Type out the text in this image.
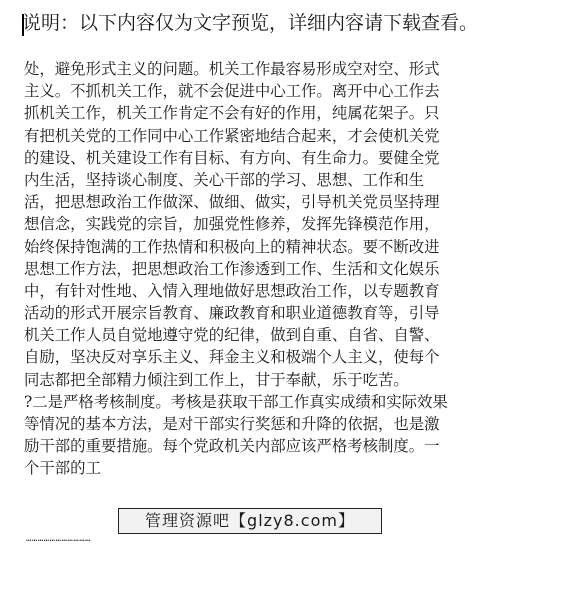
说明：以下内容仅为文字预览，详细内容请下载查看。
处，避免形式主义的问题。机关工作最容易形成空对空、形式
主义。不抓机关工作，就不会促进中心工作。离开中心工作去
抓机关工作，机关工作肯定不会有好的作用，纯属花架子。只
有把机关党的工作同中心工作紧密地结合起来，才会使机关党
的建设、机关建设工作有目标、有方向、有生命力。要健全党
内生活，坚持谈心制度、关心干部的学习、思想、工作和生
活，把思想政治工作做深、做细、做实，引导机关党员坚持理
想信念，实践党的宗旨，加强党性修养，发挥先锋模范作用，
始终保持饱满的工作热情和积极向上的精神状态。要不断改进
思想工作方法，把思想政治工作渗透到工作、生活和文化娱乐
中，有针对性地、入情入理地做好思想政治工作，以专题教育
活动的形式开展宗旨教育、廉政教育和职业道德教育等，引导
机关工作人员自觉地遵守党的纪律，做到自重、自省、自警、
自励，坚决反对享乐主义、拜金主义和极端个人主义，使每个
同志都把全部精力倾注到工作上，甘于奉献，乐于吃苦。
?二是严格考核制度。考核是获取干部工作真实成绩和实际效果
等情况的基本方法，是对干部实行奖惩和升降的依据，也是激
励干部的重要措施。每个党政机关内部应该严格考核制度。一
个干部的工
管理资源吧【glzy8.com】
……………………………
